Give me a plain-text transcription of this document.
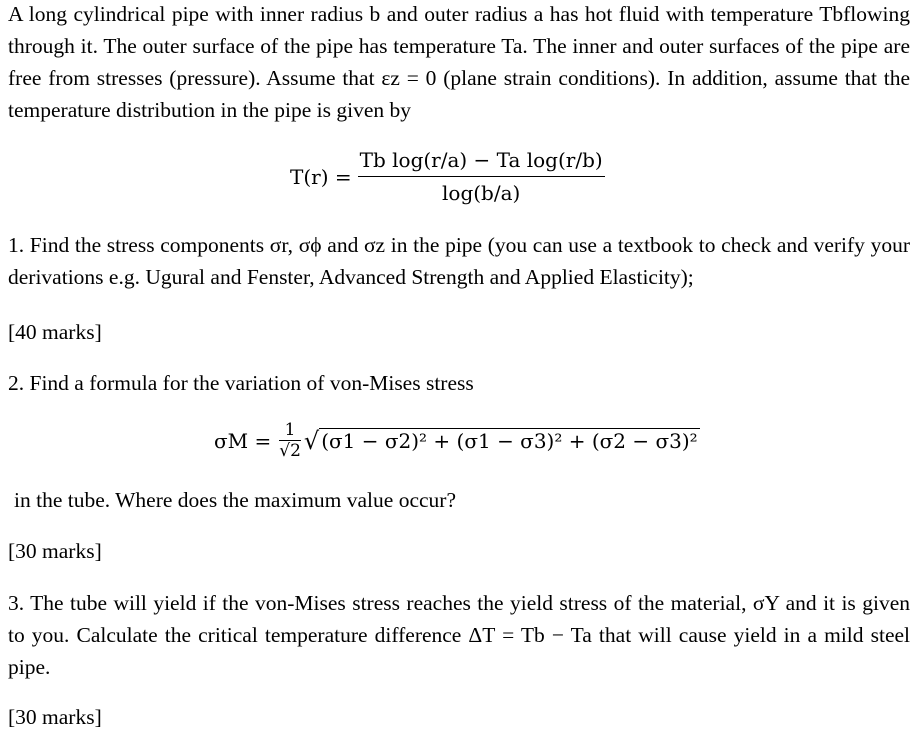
A long cylindrical pipe with inner radius b and outer radius a has hot fluid with temperature Tbflowing through it. The outer surface of the pipe has temperature Ta. The inner and outer surfaces of the pipe are free from stresses (pressure). Assume that εz = 0 (plane strain conditions). In addition, assume that the temperature distribution in the pipe is given by

$T(r) = \frac{\text{Tb log(r/a) − Ta log(r/b)}}{\log(b/a)}$

1. Find the stress components σr, σϕ and σz in the pipe (you can use a textbook to check and verify your derivations e.g. Ugural and Fenster, Advanced Strength and Applied Elasticity);

[40 marks]

2. Find a formula for the variation of von-Mises stress

$\sigma M = \frac{1}{√2}$ √ (σ1 − σ2)² + (σ1 − σ3)² + (σ2 − σ3)²

in the tube. Where does the maximum value occur?

[30 marks]

3. The tube will yield if the von-Mises stress reaches the yield stress of the material, σY and it is given to you. Calculate the critical temperature difference ΔT = Tb − Ta that will cause yield in a mild steel pipe.

[30 marks]
